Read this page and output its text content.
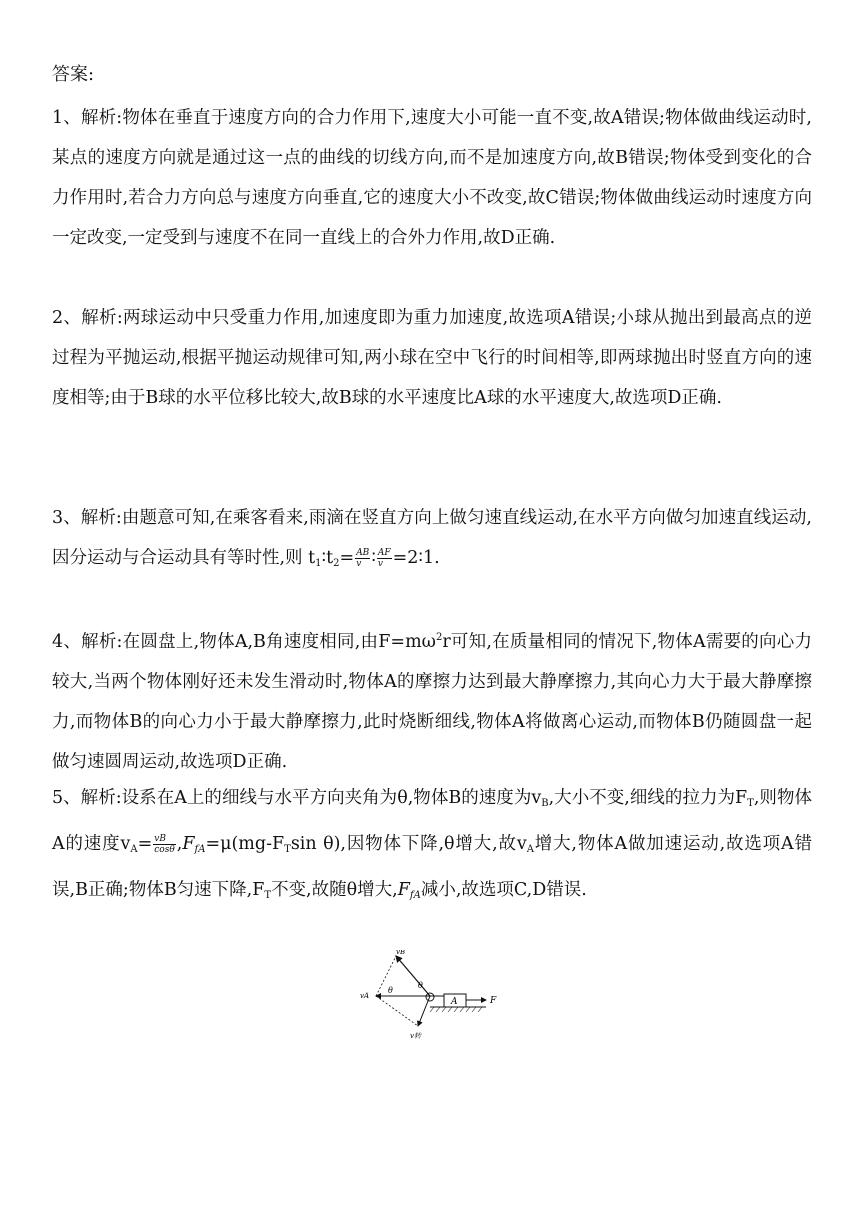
答案:
1、解析:物体在垂直于速度方向的合力作用下,速度大小可能一直不变,故A错误;物体做曲线运动时,某点的速度方向就是通过这一点的曲线的切线方向,而不是加速度方向,故B错误;物体受到变化的合力作用时,若合力方向总与速度方向垂直,它的速度大小不改变,故C错误;物体做曲线运动时速度方向一定改变,一定受到与速度不在同一直线上的合外力作用,故D正确.
2、解析:两球运动中只受重力作用,加速度即为重力加速度,故选项A错误;小球从抛出到最高点的逆过程为平抛运动,根据平抛运动规律可知,两小球在空中飞行的时间相等,即两球抛出时竖直方向的速度相等;由于B球的水平位移比较大,故B球的水平速度比A球的水平速度大,故选项D正确.
3、解析:由题意可知,在乘客看来,雨滴在竖直方向上做匀速直线运动,在水平方向做匀加速直线运动,因分运动与合运动具有等时性,则 $t_1∶t_2= \frac{AB}{v}$ ∶ $\frac{AF}{v}$ =2∶1.
4、解析:在圆盘上,物体A,B角速度相同,由$F=m\omega^2r$可知,在质量相同的情况下,物体A需要的向心力较大,当两个物体刚好还未发生滑动时,物体A的摩擦力达到最大静摩擦力,其向心力大于最大静摩擦力,而物体B的向心力小于最大静摩擦力,此时烧断细线,物体A将做离心运动,而物体B仍随圆盘一起做匀速圆周运动,故选项D正确.
5、解析:设系在A上的细线与水平方向夹角为θ,物体B的速度为$v_B$,大小不变,细线的拉力为$F_T$,则物体A的速度$v_A= \frac{vB}{\cos\theta} ,F_{fA}=\mu(mg-F_T\sin$ θ),因物体下降,θ增大,故$v_A$增大,物体A做加速运动,故选项A错误,B正确;物体B匀速下降$,F_T$不变,故随θ增大$,F_{fA}$减小,故选项C,D错误.
A	F
vB
vA
v转
θ
θ
